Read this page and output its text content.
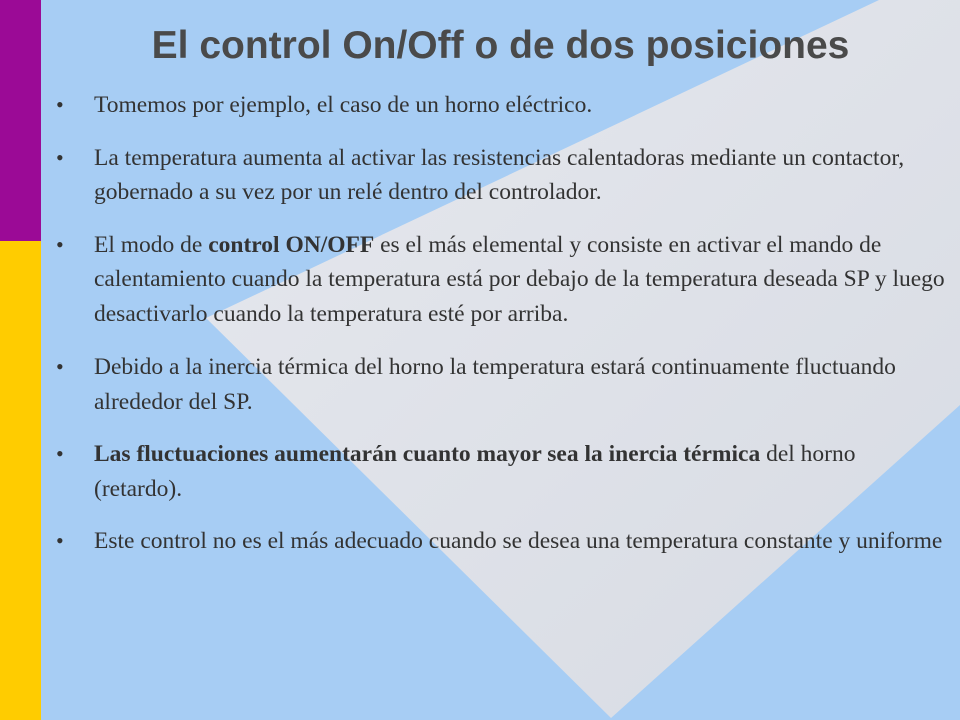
El control On/Off o de dos posiciones
• Tomemos por ejemplo, el caso de un horno eléctrico.
• La temperatura aumenta al activar las resistencias calentadoras mediante un contactor, gobernado a su vez por un relé dentro del controlador.
• El modo de control ON/OFF es el más elemental y consiste en activar el mando de calentamiento cuando la temperatura está por debajo de la temperatura deseada SP y luego desactivarlo cuando la temperatura esté por arriba.
• Debido a la inercia térmica del horno la temperatura estará continuamente fluctuando alrededor del SP.
• Las fluctuaciones aumentarán cuanto mayor sea la inercia térmica del horno (retardo).
• Este control no es el más adecuado cuando se desea una temperatura constante y uniforme
